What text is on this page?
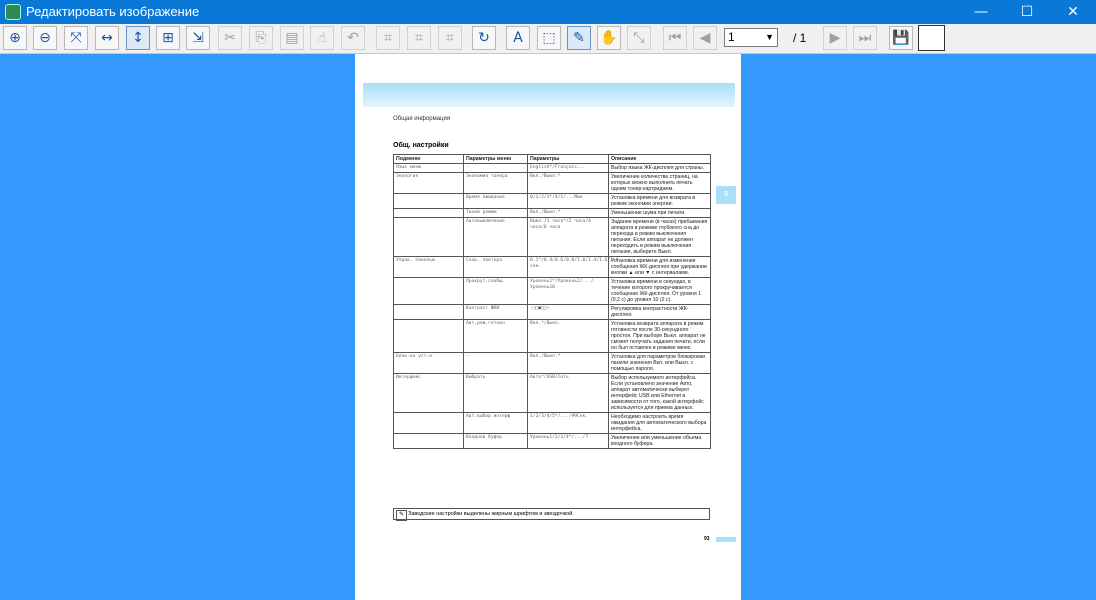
Редактировать изображение	—	☐	✕
⊕	⊖	⤧	↔	↕	⊞	⇲	✂	⎘	▤	☝	↶	⌗	⌗	⌗	↻	A	⬚	✎	✋	⤡	⏮	◀	1	▼ / 1	▶	⏭	💾
Общая информация
Общ. настройки
3
Подменю	Параметры меню	Параметры	Описание
Язык меню	-	English*/Français...	Выбор языка ЖК-дисплея для страны.
Экология	Экономия тонера	Вкл./Выкл.*	Увеличение количества страниц, на которых можно выполнить печать одним тонер-картриджем.
	Время ожидания	0/1/2/3*/4/5/...Мин	Установка времени для возврата в режим экономии энергии.
	Тихий режим	Вкл./Выкл.*	Уменьшение шума при печати.
	Автовыключение	Выкл./1 часа*/2 часа/4 часа/8 часа	Задание времени (в часах) пребывания аппарата в режиме глубокого сна до перехода в режим выключения питания. Если аппарат не должен переходить в режим выключения питания, выберите Выкл.
Управ. панелью	Скор. повтора	0.1*/0.4/0.6/0.8/1.0/1.4/1.6/2.0 сек.	Установка времени для изменения сообщения ЖК-дисплея при удержании кнопки ▲ или ▼ с интервалами.
	Прокрут.сообщ.	Уровень1*/Уровень2/.../Уровень10	Установка времени в секундах, в течение которого прокручивается сообщение ЖК-дисплея. От уровня 1 (0,2 с) до уровня 10 (2 с).
	Контраст ЖКИ	-□□■□□+	Регулировка контрастности ЖК-дисплея.
	Авт.реж.готовн	Вкл.*/Выкл.	Установка возврата аппарата в режим готовности после 30-секундного простоя. При выборе Выкл. аппарат не сможет получать задания печати, если он был оставлен в режиме меню.
Блок-ка уст-к	-	Вкл./Выкл.*	Установка для параметров блокировки панели значения Вкл. или Выкл. с помощью пароля.
Интерфейс	Выбрать	Авто*/USB/Сеть	Выбор используемого интерфейса. Если установлено значение Авто, аппарат автоматически выберет интерфейс USB или Ethernet в зависимости от того, какой интерфейс используется для приема данных.
	Авт.выбор интерф	1/2/3/4/5*/.../99Сек.	Необходимо настроить время ожидания для автоматического выбора интерфейса.
	Входной буфер	Уровень1/2/3/4*/.../7	Увеличение или уменьшение объема входного буфера.
✎ Заводские настройки выделены жирным шрифтом и звездочкой.
93
